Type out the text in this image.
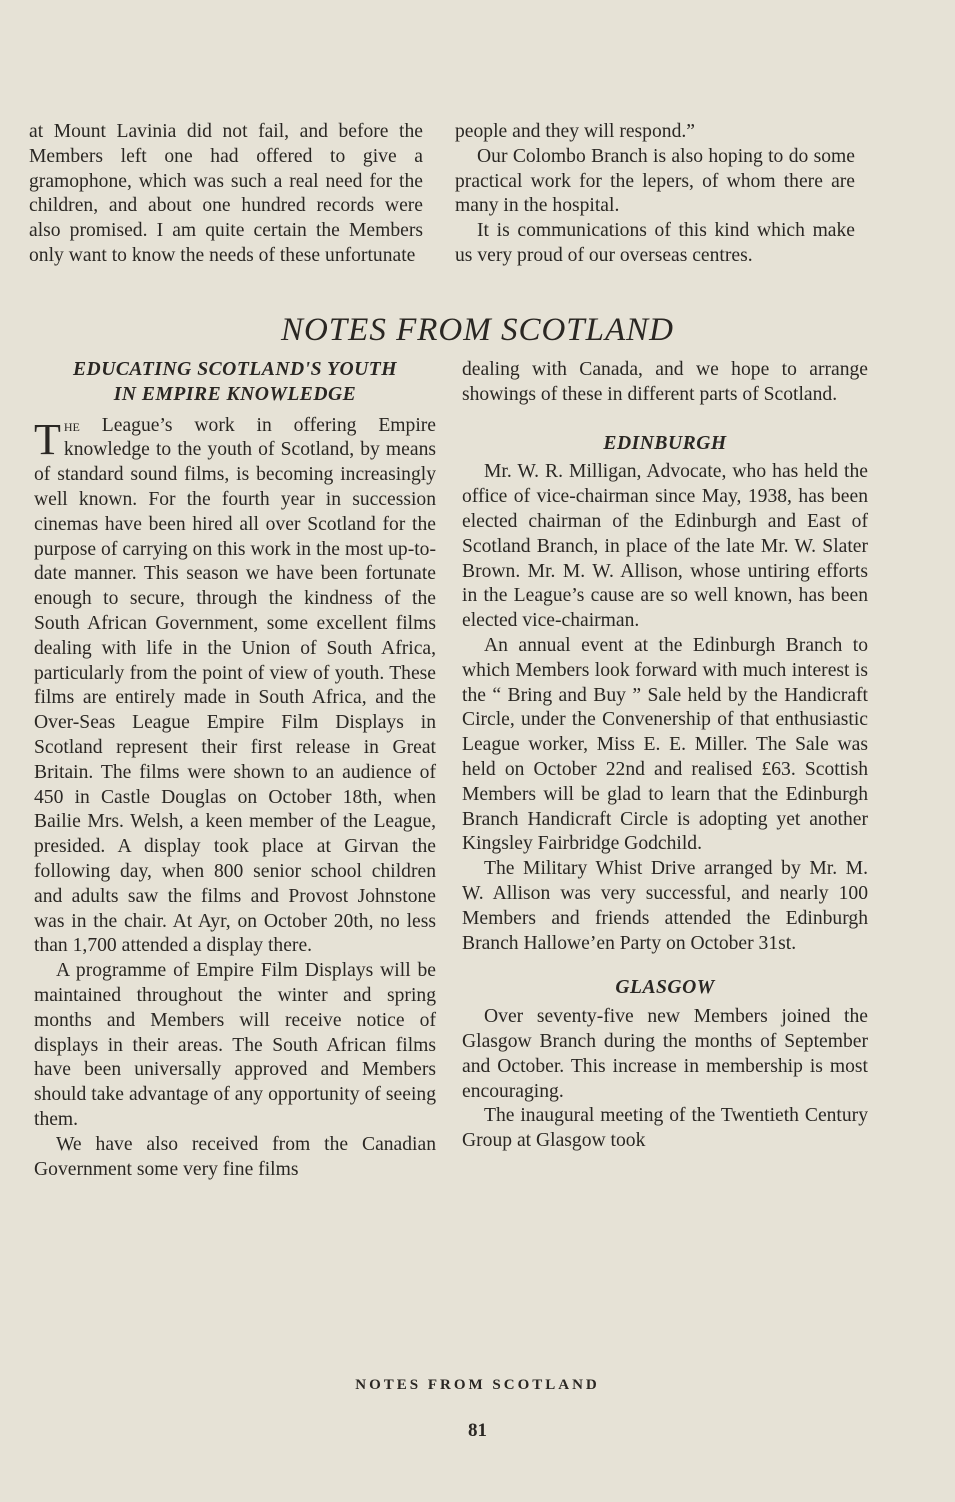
at Mount Lavinia did not fail, and before the Members left one had offered to give a gramophone, which was such a real need for the children, and about one hundred records were also promised. I am quite certain the Members only want to know the needs of these unfortunate

people and they will respond.”

Our Colombo Branch is also hoping to do some practical work for the lepers, of whom there are many in the hospital.

It is communications of this kind which make us very proud of our overseas centres.

NOTES FROM SCOTLAND
EDUCATING SCOTLAND'S YOUTH
IN EMPIRE KNOWLEDGE

The League’s work in offering Empire knowledge to the youth of Scotland, by means of standard sound films, is becoming increasingly well known. For the fourth year in succession cinemas have been hired all over Scotland for the purpose of carrying on this work in the most up-to-date manner. This season we have been fortunate enough to secure, through the kindness of the South African Government, some excellent films dealing with life in the Union of South Africa, particularly from the point of view of youth. These films are entirely made in South Africa, and the Over-Seas League Empire Film Displays in Scotland represent their first release in Great Britain. The films were shown to an audience of 450 in Castle Douglas on October 18th, when Bailie Mrs. Welsh, a keen member of the League, presided. A display took place at Girvan the following day, when 800 senior school children and adults saw the films and Provost Johnstone was in the chair. At Ayr, on October 20th, no less than 1,700 attended a display there.

A programme of Empire Film Displays will be maintained throughout the winter and spring months and Members will receive notice of displays in their areas. The South African films have been universally approved and Members should take advantage of any opportunity of seeing them.

We have also received from the Canadian Government some very fine films

dealing with Canada, and we hope to arrange showings of these in different parts of Scotland.

EDINBURGH

Mr. W. R. Milligan, Advocate, who has held the office of vice-chairman since May, 1938, has been elected chairman of the Edinburgh and East of Scotland Branch, in place of the late Mr. W. Slater Brown. Mr. M. W. Allison, whose untiring efforts in the League’s cause are so well known, has been elected vice-chairman.

An annual event at the Edinburgh Branch to which Members look forward with much interest is the “ Bring and Buy ” Sale held by the Handicraft Circle, under the Convenership of that enthusiastic League worker, Miss E. E. Miller. The Sale was held on October 22nd and realised £63. Scottish Members will be glad to learn that the Edinburgh Branch Handicraft Circle is adopting yet another Kingsley Fairbridge Godchild.

The Military Whist Drive arranged by Mr. M. W. Allison was very successful, and nearly 100 Members and friends attended the Edinburgh Branch Hallowe’en Party on October 31st.

GLASGOW

Over seventy-five new Members joined the Glasgow Branch during the months of September and October. This increase in membership is most encouraging.

The inaugural meeting of the Twentieth Century Group at Glasgow took

NOTES FROM SCOTLAND
81
